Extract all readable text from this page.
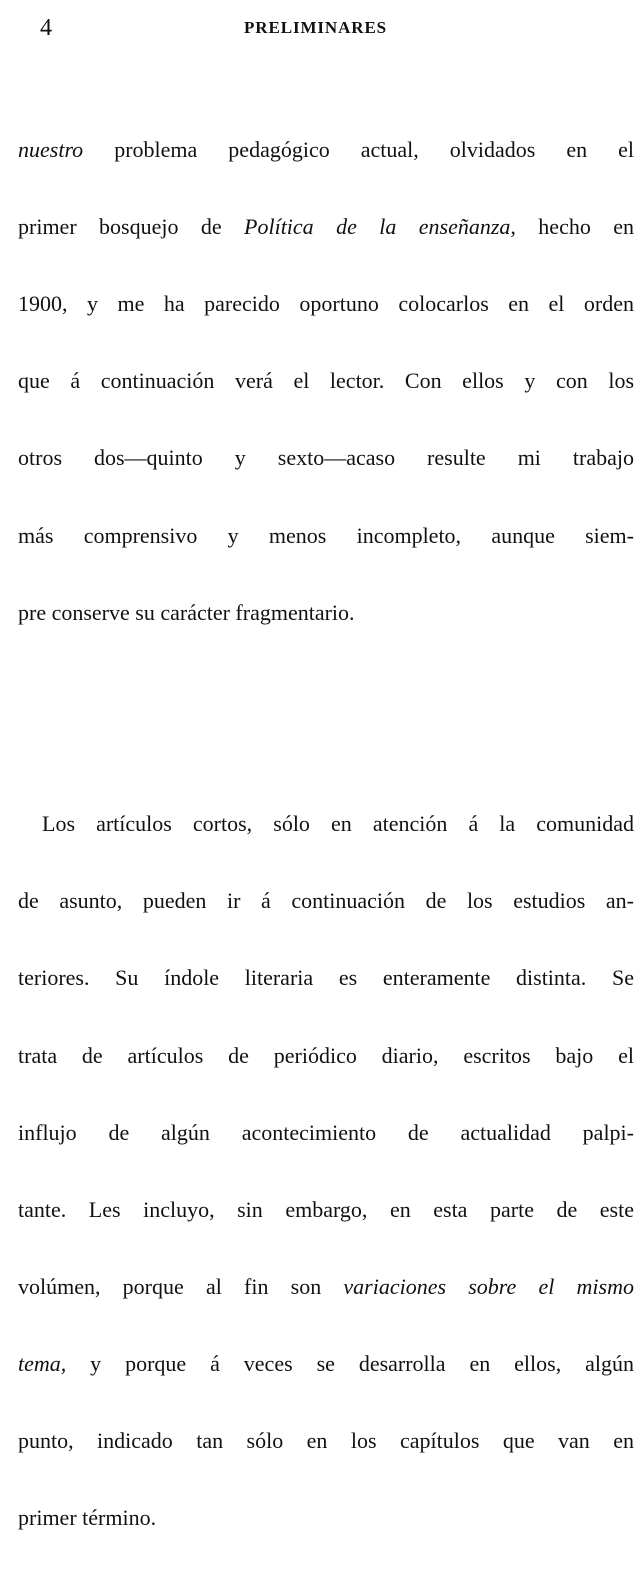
4	PRELIMINARES

nuestro problema pedagógico actual, olvidados en el

primer bosquejo de Política de la enseñanza, hecho en

1900, y me ha parecido oportuno colocarlos en el orden

que á continuación verá el lector. Con ellos y con los

otros dos—quinto y sexto—acaso resulte mi trabajo

más comprensivo y menos incompleto, aunque siem-

pre conserve su carácter fragmentario.

Los artículos cortos, sólo en atención á la comunidad

de asunto, pueden ir á continuación de los estudios an-

teriores. Su índole literaria es enteramente distinta. Se

trata de artículos de periódico diario, escritos bajo el

influjo de algún acontecimiento de actualidad palpi-

tante. Les incluyo, sin embargo, en esta parte de este

volúmen, porque al fin son variaciones sobre el mismo

tema, y porque á veces se desarrolla en ellos, algún

punto, indicado tan sólo en los capítulos que van en

primer término.
